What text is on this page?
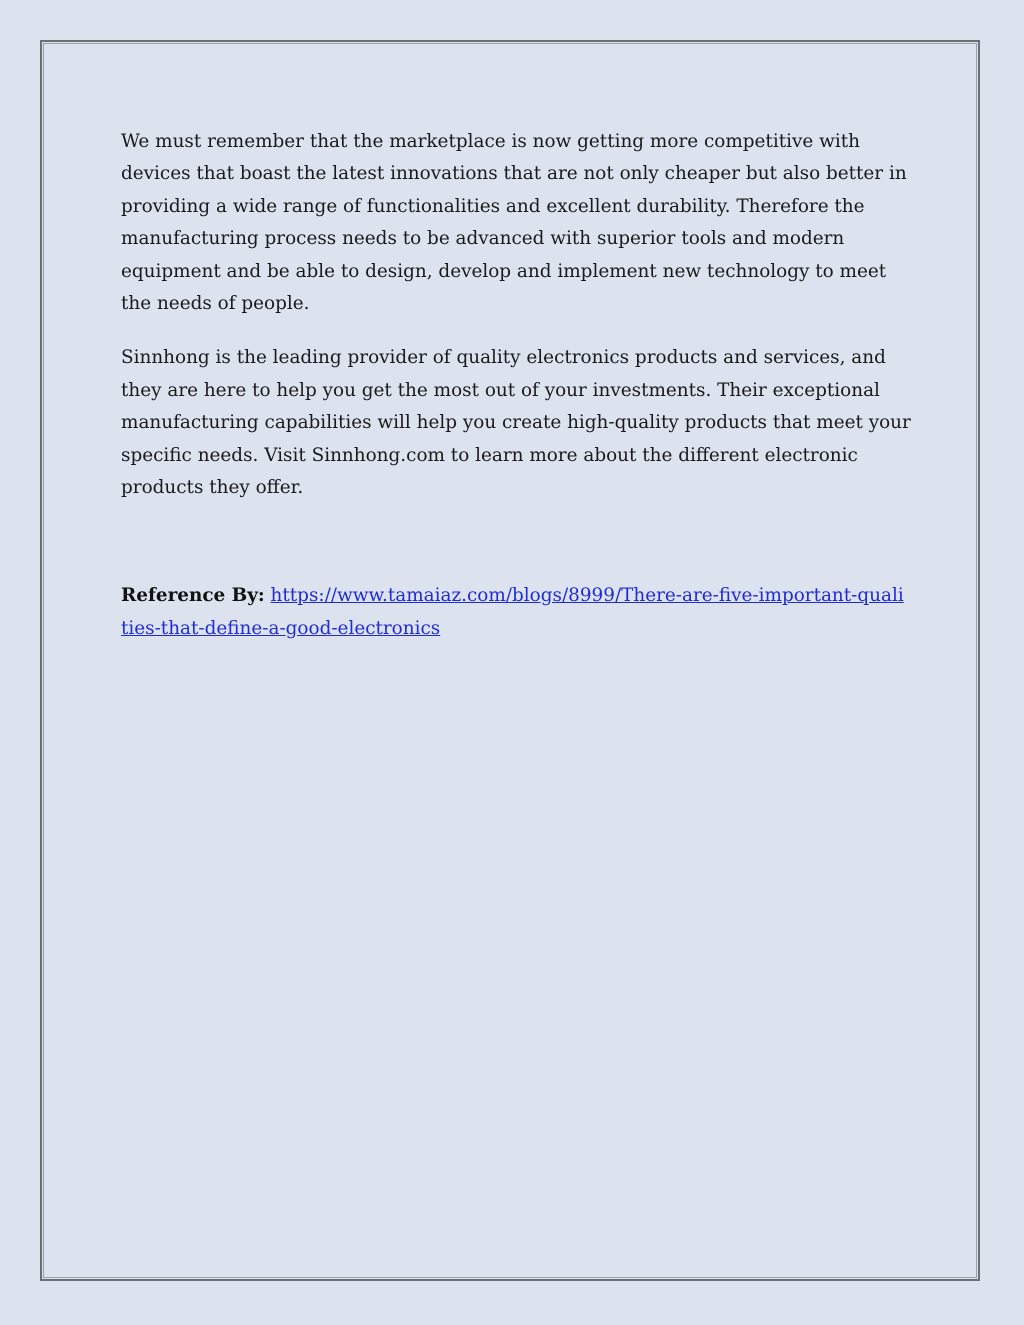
We must remember that the marketplace is now getting more competitive with devices that boast the latest innovations that are not only cheaper but also better in providing a wide range of functionalities and excellent durability. Therefore the manufacturing process needs to be advanced with superior tools and modern equipment and be able to design, develop and implement new technology to meet the needs of people.

Sinnhong is the leading provider of quality electronics products and services, and they are here to help you get the most out of your investments. Their exceptional manufacturing capabilities will help you create high-quality products that meet your specific needs. Visit Sinnhong.com to learn more about the different electronic products they offer.

Reference By: https://www.tamaiaz.com/blogs/8999/There-are-five-important-qualities-that-define-a-good-electronics
